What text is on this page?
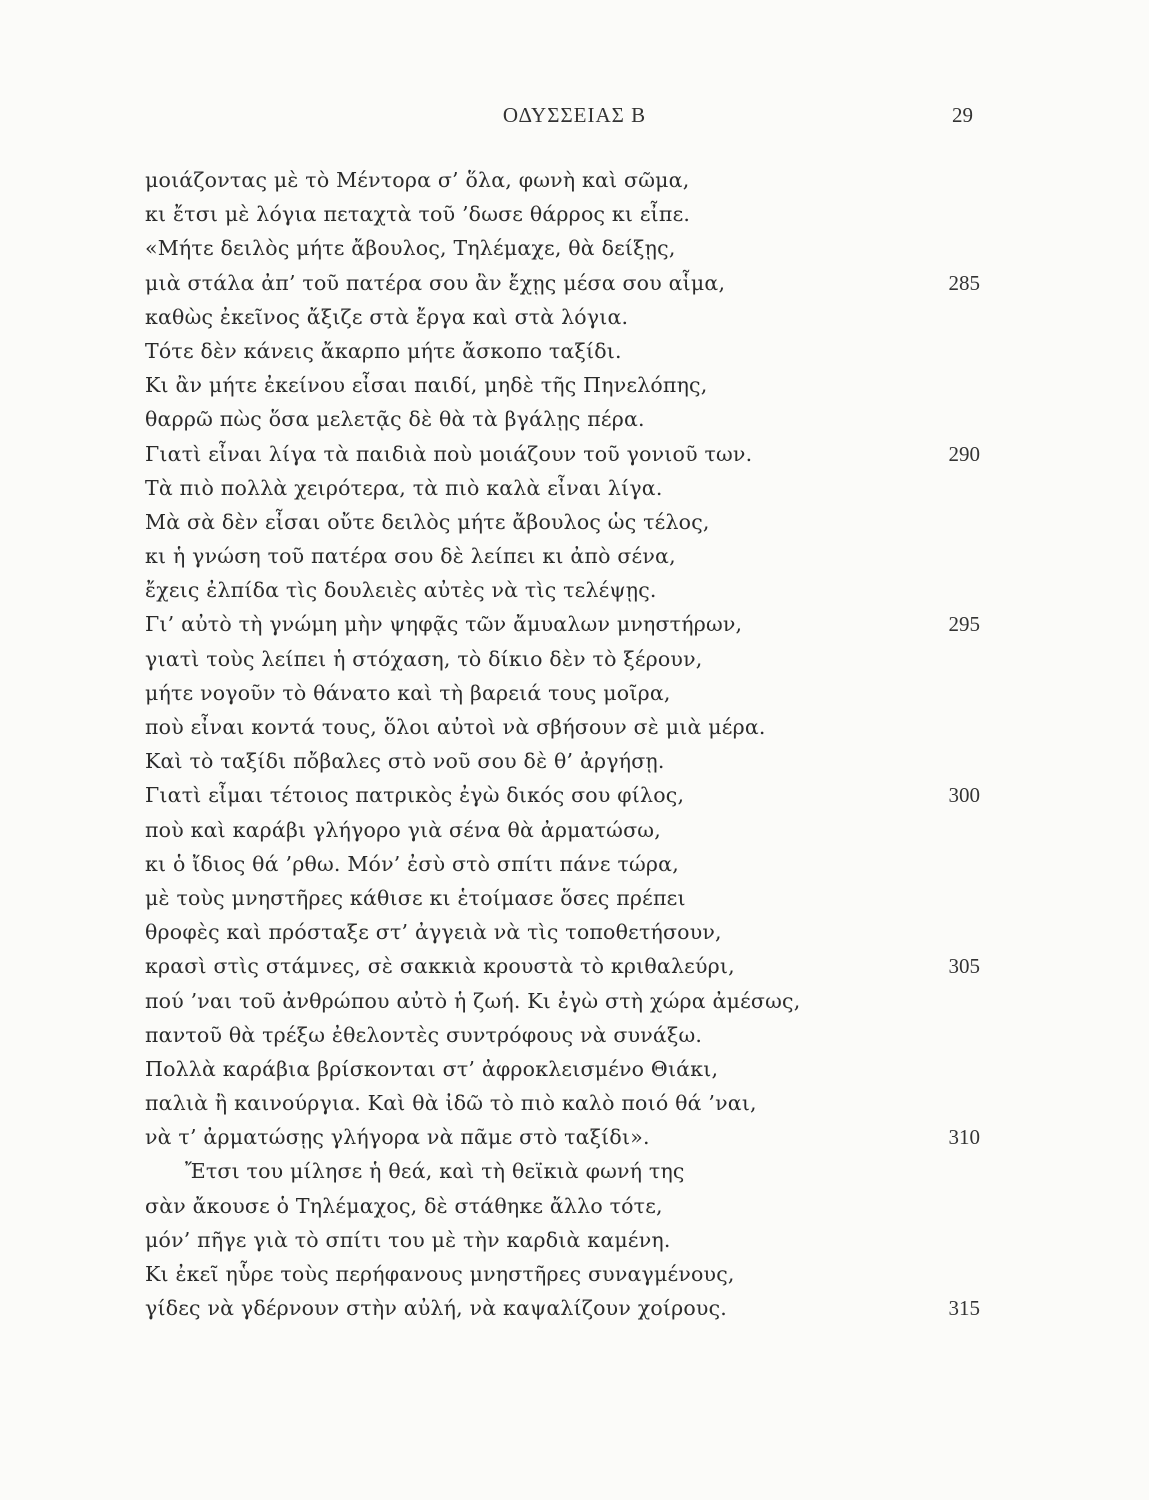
ΟΔΥΣΣΕΙΑΣ Β	29
μοιάζοντας μὲ τὸ Μέντορα σ’ ὅλα, φωνὴ καὶ σῶμα,
κι ἔτσι μὲ λόγια πεταχτὰ τοῦ ’δωσε θάρρος κι εἶπε.
«Μήτε δειλὸς μήτε ἄβουλος, Τηλέμαχε, θὰ δείξῃς,
μιὰ στάλα ἀπ’ τοῦ πατέρα σου ἂν ἔχῃς μέσα σου αἷμα,	285
καθὼς ἐκεῖνος ἄξιζε στὰ ἔργα καὶ στὰ λόγια.
Τότε δὲν κάνεις ἄκαρπο μήτε ἄσκοπο ταξίδι.
Κι ἂν μήτε ἐκείνου εἶσαι παιδί, μηδὲ τῆς Πηνελόπης,
θαρρῶ πὼς ὅσα μελετᾷς δὲ θὰ τὰ βγάλῃς πέρα.
Γιατὶ εἶναι λίγα τὰ παιδιὰ ποὺ μοιάζουν τοῦ γονιοῦ των.	290
Τὰ πιὸ πολλὰ χειρότερα, τὰ πιὸ καλὰ εἶναι λίγα.
Μὰ σὰ δὲν εἶσαι οὔτε δειλὸς μήτε ἄβουλος ὡς τέλος,
κι ἡ γνώση τοῦ πατέρα σου δὲ λείπει κι ἀπὸ σένα,
ἔχεις ἐλπίδα τὶς δουλειὲς αὐτὲς νὰ τὶς τελέψῃς.
Γι’ αὐτὸ τὴ γνώμη μὴν ψηφᾷς τῶν ἄμυαλων μνηστήρων,	295
γιατὶ τοὺς λείπει ἡ στόχαση, τὸ δίκιο δὲν τὸ ξέρουν,
μήτε νογοῦν τὸ θάνατο καὶ τὴ βαρειά τους μοῖρα,
ποὺ εἶναι κοντά τους, ὅλοι αὐτοὶ νὰ σβήσουν σὲ μιὰ μέρα.
Καὶ τὸ ταξίδι πὄβαλες στὸ νοῦ σου δὲ θ’ ἀργήσῃ.
Γιατὶ εἶμαι τέτοιος πατρικὸς ἐγὼ δικός σου φίλος,	300
ποὺ καὶ καράβι γλήγορο γιὰ σένα θὰ ἀρματώσω,
κι ὁ ἴδιος θά ’ρθω. Μόν’ ἐσὺ στὸ σπίτι πάνε τώρα,
μὲ τοὺς μνηστῆρες κάθισε κι ἑτοίμασε ὅσες πρέπει
θροφὲς καὶ πρόσταξε στ’ ἀγγειὰ νὰ τὶς τοποθετήσουν,
κρασὶ στὶς στάμνες, σὲ σακκιὰ κρουστὰ τὸ κριθαλεύρι,	305
πού ’ναι τοῦ ἀνθρώπου αὐτὸ ἡ ζωή. Κι ἐγὼ στὴ χώρα ἀμέσως,
παντοῦ θὰ τρέξω ἐθελοντὲς συντρόφους νὰ συνάξω.
Πολλὰ καράβια βρίσκονται στ’ ἀφροκλεισμένο Θιάκι,
παλιὰ ἢ καινούργια. Καὶ θὰ ἰδῶ τὸ πιὸ καλὸ ποιό θά ’ναι,
νὰ τ’ ἀρματώσῃς γλήγορα νὰ πᾶμε στὸ ταξίδι».	310
Ἔτσι του μίλησε ἡ θεά, καὶ τὴ θεϊκιὰ φωνή της
σὰν ἄκουσε ὁ Τηλέμαχος, δὲ στάθηκε ἄλλο τότε,
μόν’ πῆγε γιὰ τὸ σπίτι του μὲ τὴν καρδιὰ καμένη.
Κι ἐκεῖ ηὗρε τοὺς περήφανους μνηστῆρες συναγμένους,
γίδες νὰ γδέρνουν στὴν αὐλή, νὰ καψαλίζουν χοίρους.	315
